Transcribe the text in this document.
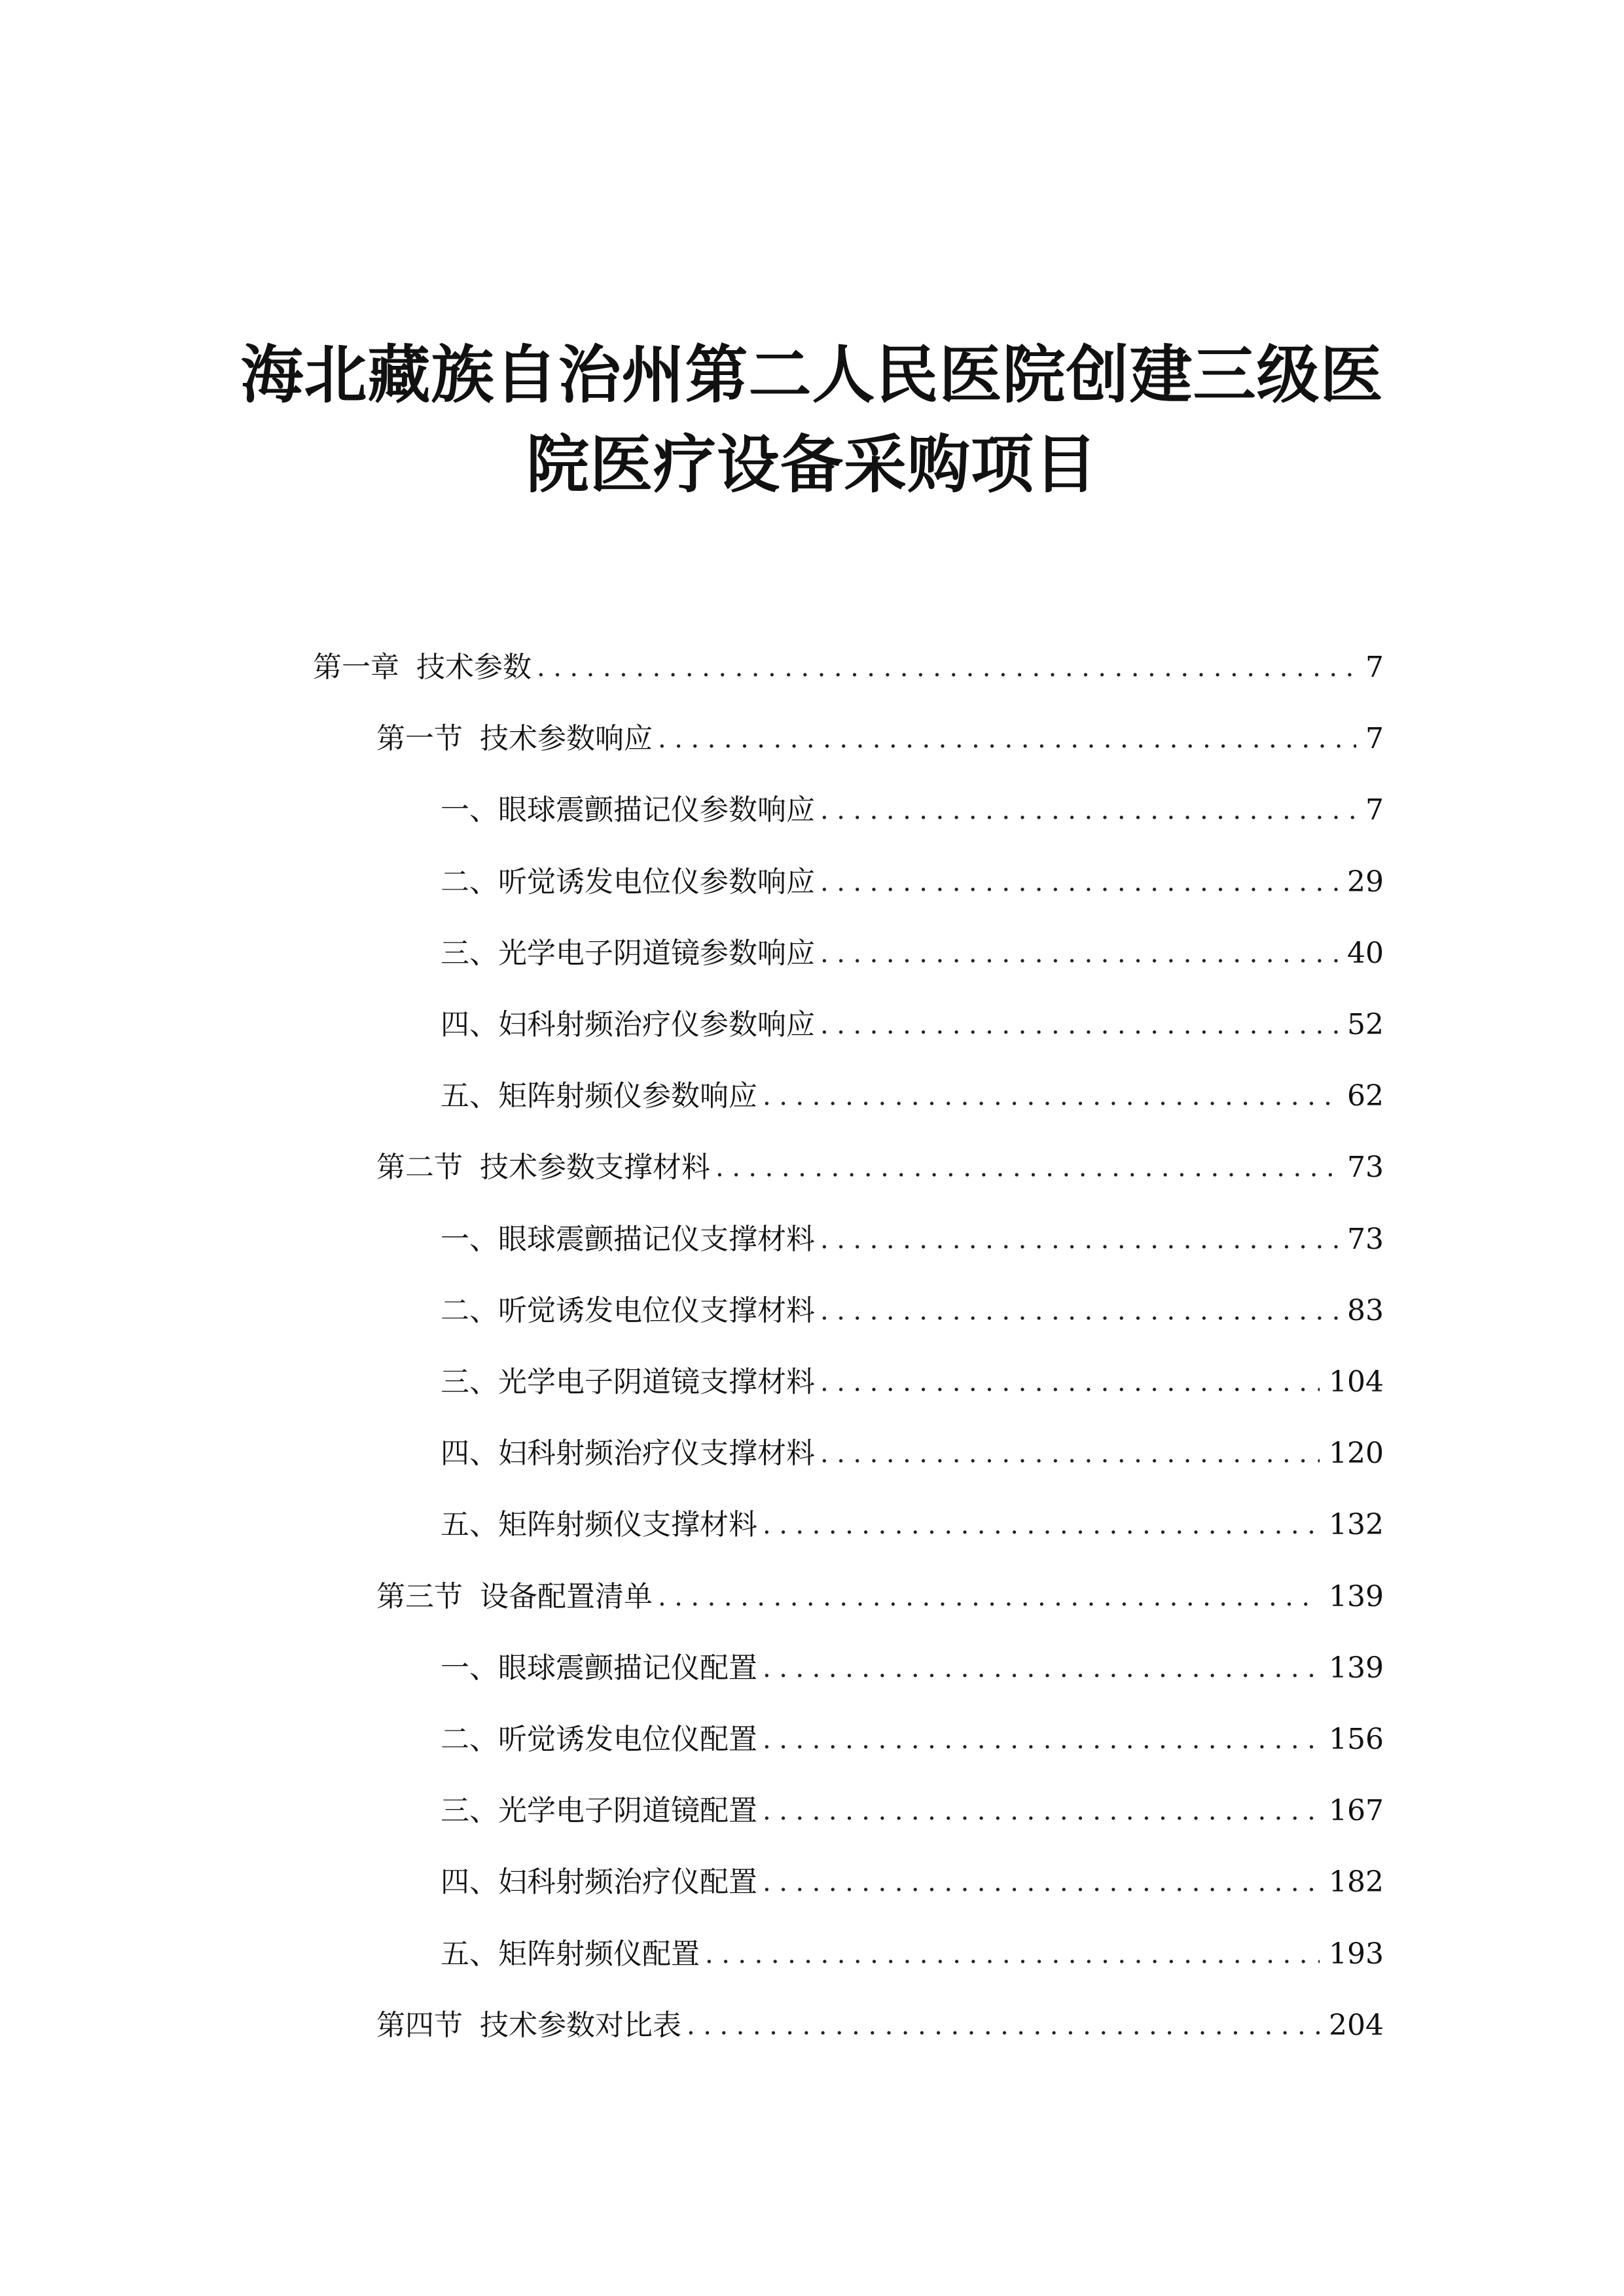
海北藏族自治州第二人民医院创建三级医
院医疗设备采购项目
第一章 技术参数 .....	7
第一节 技术参数响应 .....	7
一、 眼球震颤描记仪参数响应 .....	7
二、 听觉诱发电位仪参数响应 .....	29
三、 光学电子阴道镜参数响应 .....	40
四、 妇科射频治疗仪参数响应 .....	52
五、 矩阵射频仪参数响应 .....	62
第二节 技术参数支撑材料 .....	73
一、 眼球震颤描记仪支撑材料 .....	73
二、 听觉诱发电位仪支撑材料 .....	83
三、 光学电子阴道镜支撑材料 .....	104
四、 妇科射频治疗仪支撑材料 .....	120
五、 矩阵射频仪支撑材料 .....	132
第三节 设备配置清单 .....	139
一、 眼球震颤描记仪配置 .....	139
二、 听觉诱发电位仪配置 .....	156
三、 光学电子阴道镜配置 .....	167
四、 妇科射频治疗仪配置 .....	182
五、 矩阵射频仪配置 .....	193
第四节 技术参数对比表 .....	204
